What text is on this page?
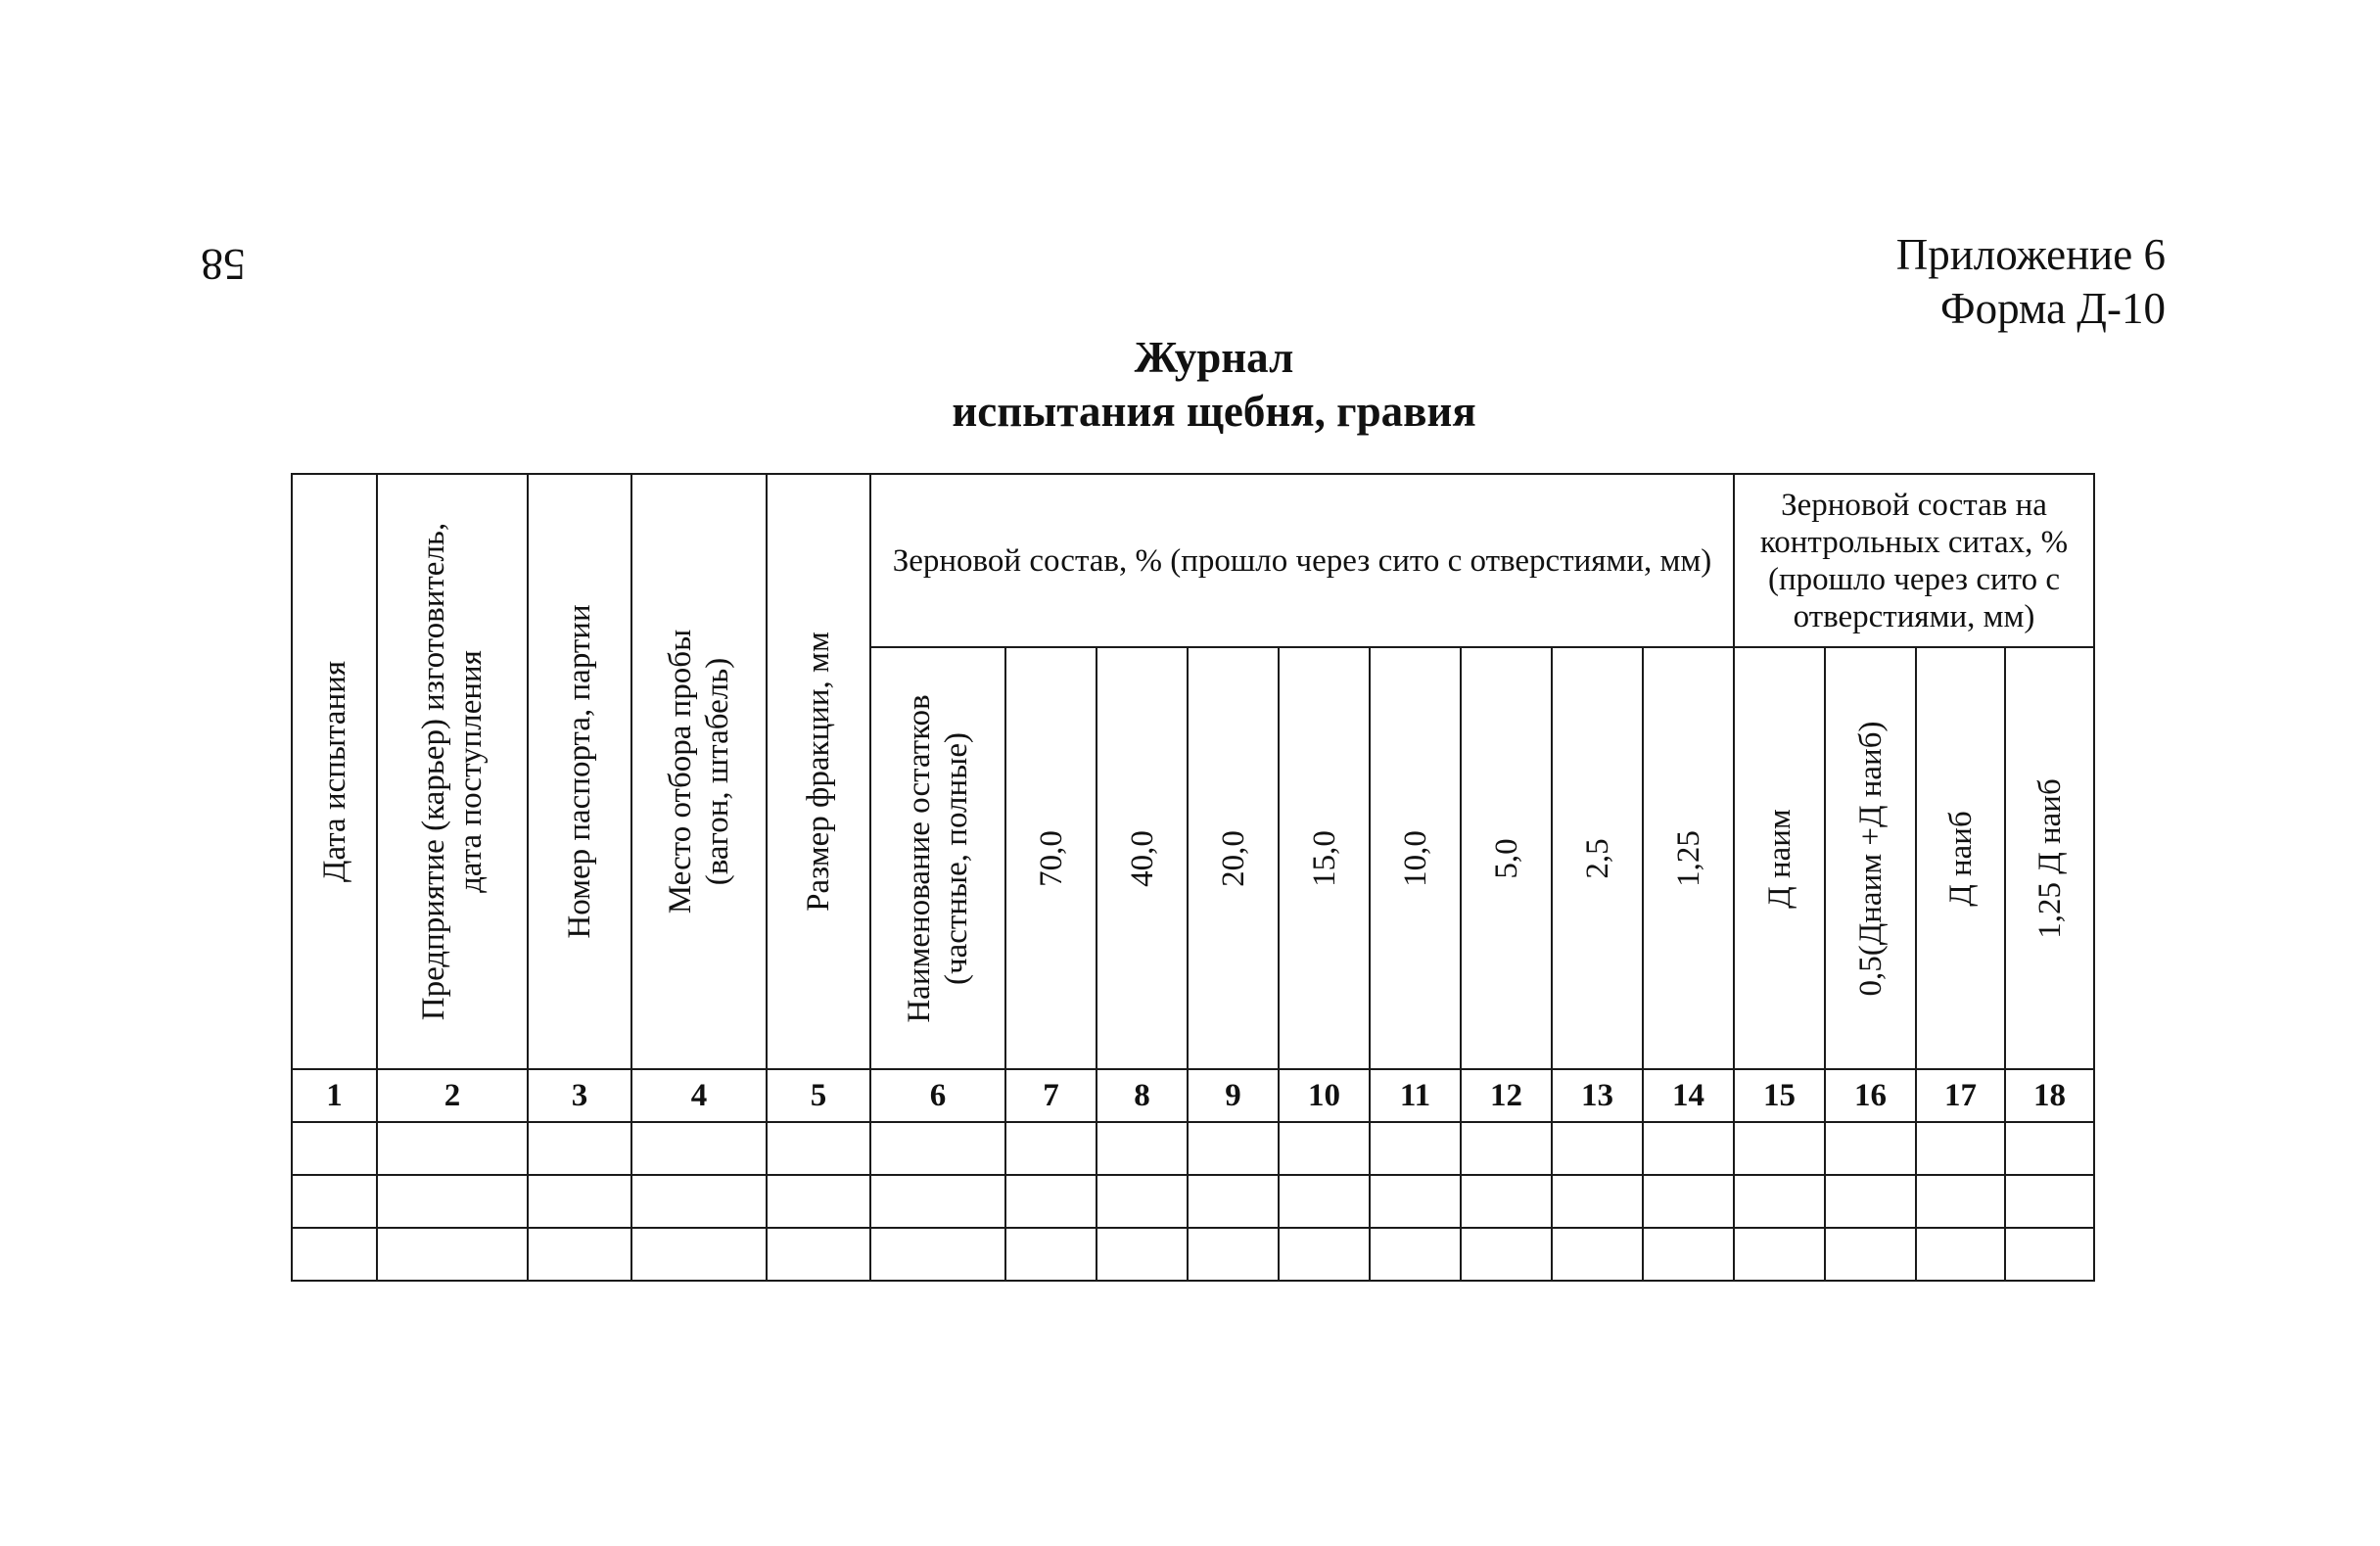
58	Приложение 6
Форма Д-10
Журнал
испытания щебня, гравия
Дата испытания	Предприятие (карьер) изготовитель, дата поступления	Номер паспорта, партии	Место отбора пробы (вагон, штабель)	Размер фракции, мм	Зерновой состав, % (прошло через сито с отверстиями, мм)									Зерновой состав на контрольных ситах, % (прошло через сито с отверстиями, мм)			

					Наименование остатков (частные, полные)	70,0	40,0	20,0	15,0	10,0	5,0	2,5	1,25	Д наим	0,5(Днаим +Д наиб)	Д наиб	1,25 Д наиб

1	2	3	4	5	6	7	8	9	10	11	12	13	14	15	16	17	18
